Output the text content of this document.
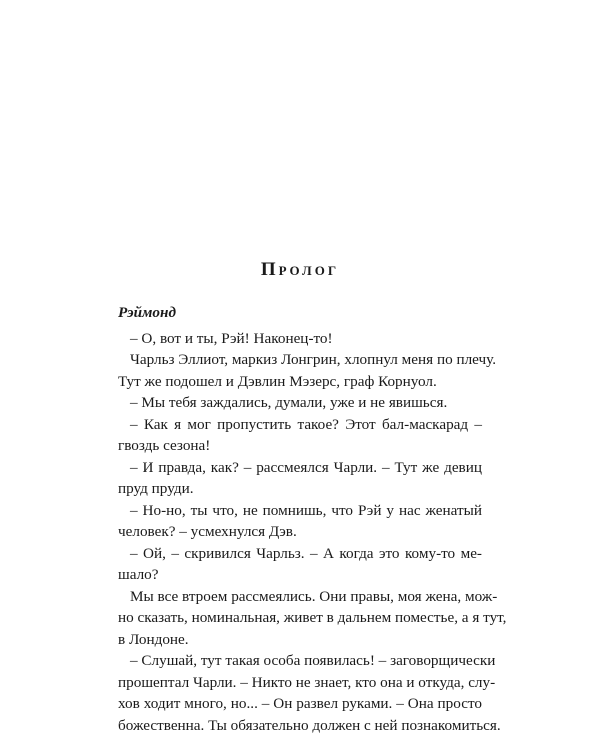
Пролог

Рэймонд

– О, вот и ты, Рэй! Наконец-то!

Чарльз Эллиот, маркиз Лонгрин, хлопнул меня по плечу.
Тут же подошел и Дэвлин Мэзерс, граф Корнуол.

– Мы тебя заждались, думали, уже и не явишься.

– Как я мог пропустить такое? Этот бал-маскарад –
гвоздь сезона!

– И правда, как? – рассмеялся Чарли. – Тут же девиц
пруд пруди.

– Но-но, ты что, не помнишь, что Рэй у нас женатый
человек? – усмехнулся Дэв.

– Ой, – скривился Чарльз. – А когда это кому-то ме-
шало?

Мы все втроем рассмеялись. Они правы, моя жена, мож-
но сказать, номинальная, живет в дальнем поместье, а я тут,
в Лондоне.

– Слушай, тут такая особа появилась! – заговорщически
прошептал Чарли. – Никто не знает, кто она и откуда, слу-
хов ходит много, но... – Он развел руками. – Она просто
божественна. Ты обязательно должен с ней познакомиться.
